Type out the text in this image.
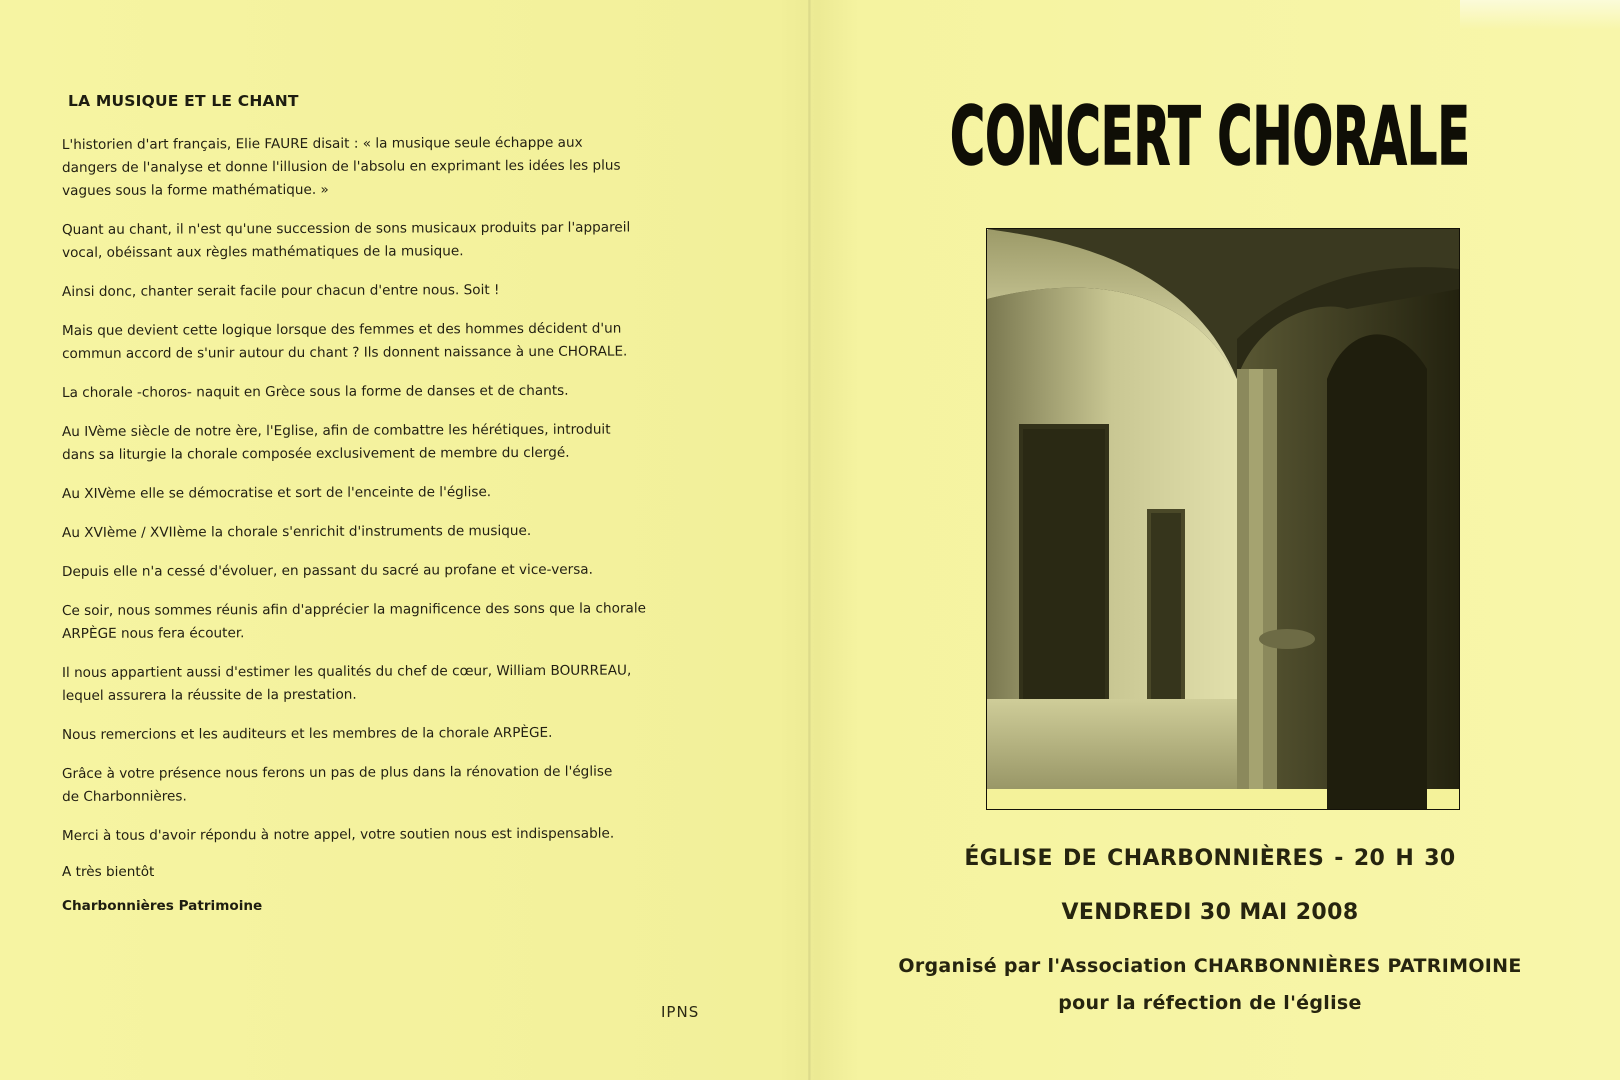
LA MUSIQUE ET LE CHANT
L'historien d'art français, Elie FAURE disait : « la musique seule échappe aux
dangers de l'analyse et donne l'illusion de l'absolu en exprimant les idées les plus
vagues sous la forme mathématique. »
Quant au chant, il n'est qu'une succession de sons musicaux produits par l'appareil
vocal, obéissant aux règles mathématiques de la musique.
Ainsi donc, chanter serait facile pour chacun d'entre nous. Soit !
Mais que devient cette logique lorsque des femmes et des hommes décident d'un
commun accord de s'unir autour du chant ? Ils donnent naissance à une CHORALE.
La chorale -choros- naquit en Grèce sous la forme de danses et de chants.
Au IVème siècle de notre ère, l'Eglise, afin de combattre les hérétiques, introduit
dans sa liturgie la chorale composée exclusivement de membre du clergé.
Au XIVème elle se démocratise et sort de l'enceinte de l'église.
Au XVIème / XVIIème la chorale s'enrichit d'instruments de musique.
Depuis elle n'a cessé d'évoluer, en passant du sacré au profane et vice-versa.
Ce soir, nous sommes réunis afin d'apprécier la magnificence des sons que la chorale
ARPÈGE nous fera écouter.
Il nous appartient aussi d'estimer les qualités du chef de cœur, William BOURREAU,
lequel assurera la réussite de la prestation.
Nous remercions et les auditeurs et les membres de la chorale ARPÈGE.
Grâce à votre présence nous ferons un pas de plus dans la rénovation de l'église
de Charbonnières.
Merci à tous d'avoir répondu à notre appel, votre soutien nous est indispensable.
A très bientôt
Charbonnières Patrimoine
IPNS
CONCERT CHORALE
ÉGLISE DE CHARBONNIÈRES - 20 H 30
VENDREDI 30 MAI 2008
Organisé par l'Association CHARBONNIÈRES PATRIMOINE
pour la réfection de l'église
